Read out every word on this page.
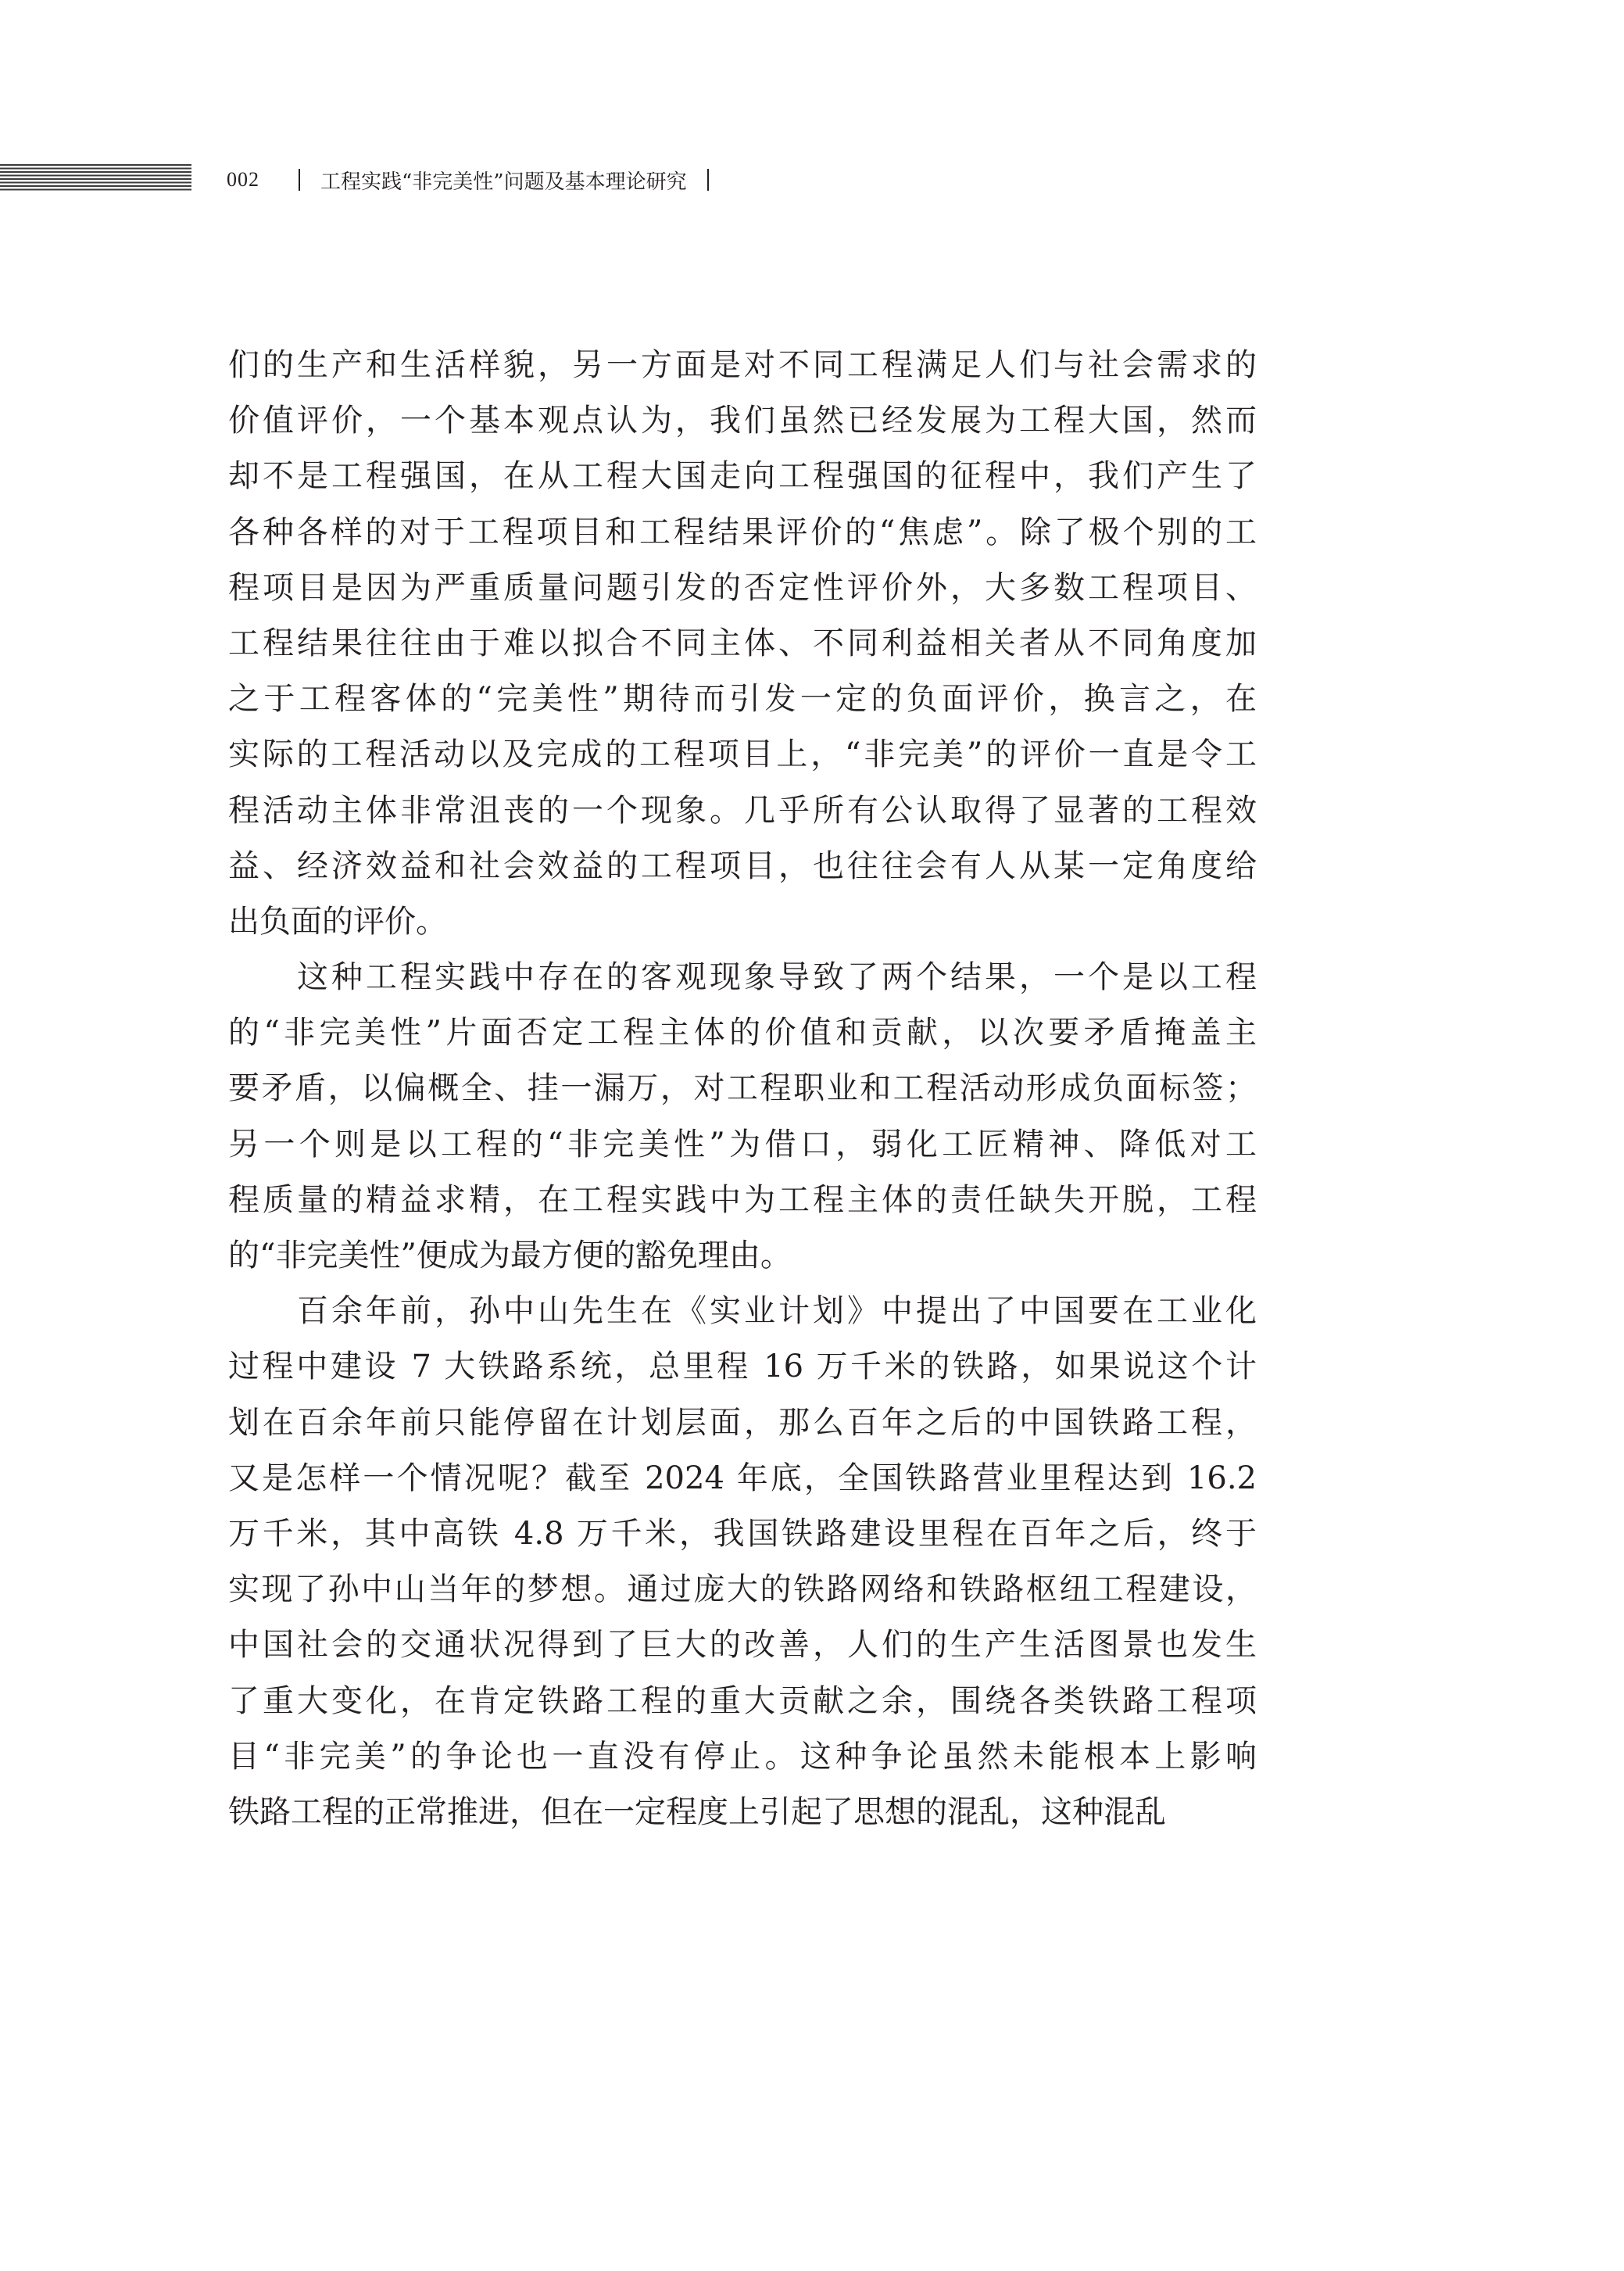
002	工程实践“非完美性”问题及基本理论研究
们的生产和生活样貌，另一方面是对不同工程满足人们与社会需求的
价值评价，一个基本观点认为，我们虽然已经发展为工程大国，然而
却不是工程强国，在从工程大国走向工程强国的征程中，我们产生了
各种各样的对于工程项目和工程结果评价的“焦虑”。除了极个别的工
程项目是因为严重质量问题引发的否定性评价外，大多数工程项目、
工程结果往往由于难以拟合不同主体、不同利益相关者从不同角度加
之于工程客体的“完美性”期待而引发一定的负面评价，换言之，在
实际的工程活动以及完成的工程项目上，“非完美”的评价一直是令工
程活动主体非常沮丧的一个现象。几乎所有公认取得了显著的工程效
益、经济效益和社会效益的工程项目，也往往会有人从某一定角度给
出负面的评价。
这种工程实践中存在的客观现象导致了两个结果，一个是以工程
的“非完美性”片面否定工程主体的价值和贡献，以次要矛盾掩盖主
要矛盾，以偏概全、挂一漏万，对工程职业和工程活动形成负面标签；
另一个则是以工程的“非完美性”为借口，弱化工匠精神、降低对工
程质量的精益求精，在工程实践中为工程主体的责任缺失开脱，工程
的“非完美性”便成为最方便的豁免理由。
百余年前，孙中山先生在《实业计划》中提出了中国要在工业化
过程中建设 7 大铁路系统，总里程 16 万千米的铁路，如果说这个计
划在百余年前只能停留在计划层面，那么百年之后的中国铁路工程，
又是怎样一个情况呢？截至 2024 年底，全国铁路营业里程达到 16.2
万千米，其中高铁 4.8 万千米，我国铁路建设里程在百年之后，终于
实现了孙中山当年的梦想。通过庞大的铁路网络和铁路枢纽工程建设，
中国社会的交通状况得到了巨大的改善，人们的生产生活图景也发生
了重大变化，在肯定铁路工程的重大贡献之余，围绕各类铁路工程项
目“非完美”的争论也一直没有停止。这种争论虽然未能根本上影响
铁路工程的正常推进，但在一定程度上引起了思想的混乱，这种混乱
